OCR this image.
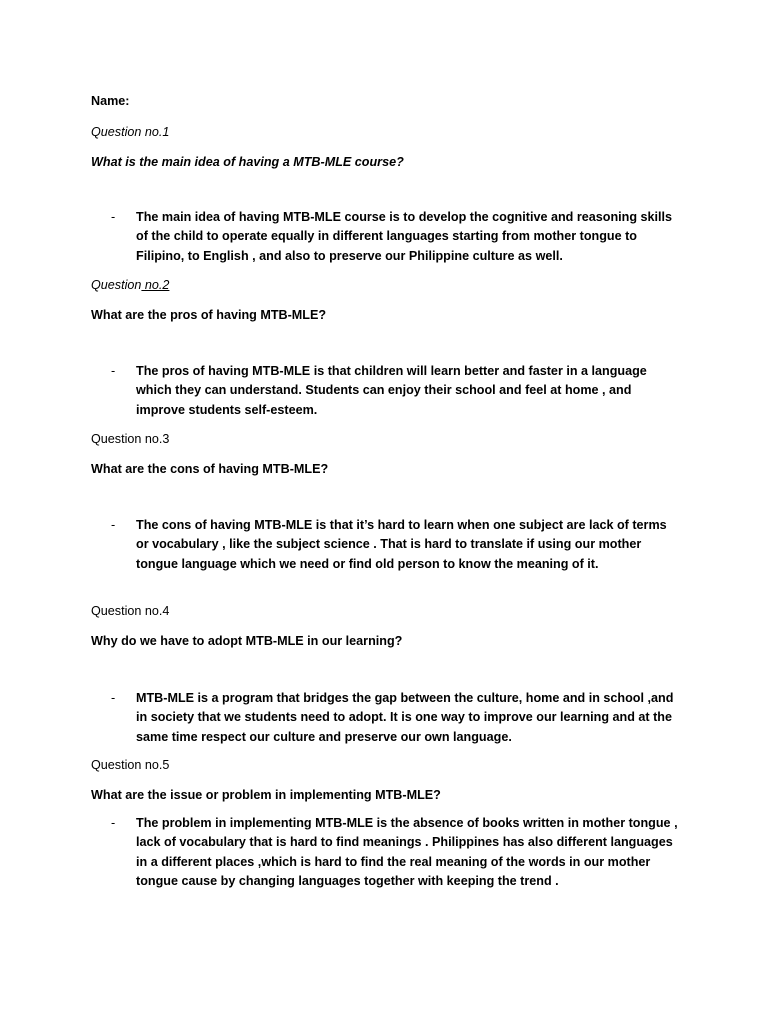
Name:
Question no.1
What is the main idea of having a MTB-MLE course?
-	The main idea of having MTB-MLE course is to develop the cognitive and reasoning skills of the child to operate equally in different languages starting from mother tongue to Filipino, to English , and also to preserve our Philippine culture as well.
Question no.2
What are the pros of having MTB-MLE?
-	The pros of having MTB-MLE is that children will learn better and faster in a language which they can understand. Students can enjoy their school and feel at home , and improve students self-esteem.
Question no.3
What are the cons of having MTB-MLE?
-	The cons of having MTB-MLE is that it’s hard to learn when one subject are lack of terms or vocabulary , like the subject science . That is hard to translate if using our mother tongue language which we need or find old person to know the meaning of it.
Question no.4
Why do we have to adopt MTB-MLE in our learning?
-	MTB-MLE is a program that bridges the gap between the culture, home and in school ,and in society that we students need to adopt. It is one way to improve our learning and at the same time respect our culture and preserve our own language.
Question no.5
What are the issue or problem in implementing MTB-MLE?
-	The problem in implementing MTB-MLE is the absence of books written in mother tongue , lack of vocabulary that is hard to find meanings . Philippines has also different languages in a different places ,which is hard to find the real meaning of the words in our mother tongue cause by changing languages together with keeping the trend .
